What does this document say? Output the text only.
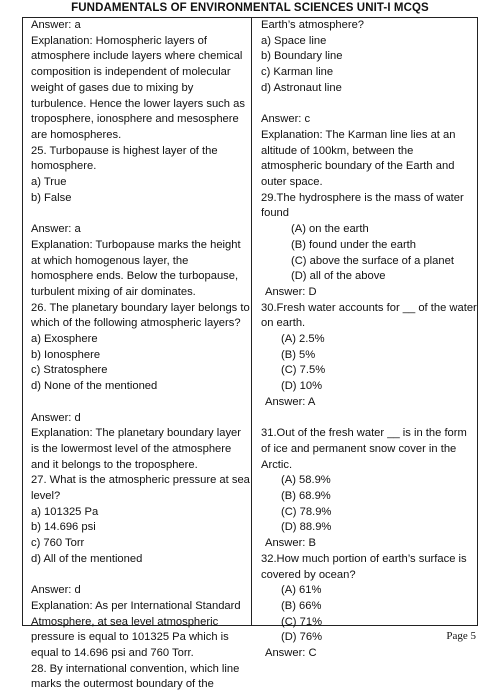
FUNDAMENTALS OF ENVIRONMENTAL SCIENCES UNIT-I MCQS
Answer: a
Explanation: Homospheric layers of
atmosphere include layers where chemical
composition is independent of molecular
weight of gases due to mixing by
turbulence. Hence the lower layers such as
troposphere, ionosphere and mesosphere
are homospheres.
25. Turbopause is highest layer of the
homosphere.
a) True
b) False
Answer: a
Explanation: Turbopause marks the height
at which homogenous layer, the
homosphere ends. Below the turbopause,
turbulent mixing of air dominates.
26. The planetary boundary layer belongs to
which of the following atmospheric layers?
a) Exosphere
b) Ionosphere
c) Stratosphere
d) None of the mentioned
Answer: d
Explanation: The planetary boundary layer
is the lowermost level of the atmosphere
and it belongs to the troposphere.
27. What is the atmospheric pressure at sea
level?
a) 101325 Pa
b) 14.696 psi
c) 760 Torr
d) All of the mentioned
Answer: d
Explanation: As per International Standard
Atmosphere, at sea level atmospheric
pressure is equal to 101325 Pa which is
equal to 14.696 psi and 760 Torr.
28. By international convention, which line
marks the outermost boundary of the
Earth’s atmosphere?
a) Space line
b) Boundary line
c) Karman line
d) Astronaut line
Answer: c
Explanation: The Karman line lies at an
altitude of 100km, between the
atmospheric boundary of the Earth and
outer space.
29.The hydrosphere is the mass of water
found
(A) on the earth
(B) found under the earth
(C) above the surface of a planet
(D) all of the above
Answer: D
30.Fresh water accounts for __ of the water
on earth.
(A) 2.5%
(B) 5%
(C) 7.5%
(D) 10%
Answer: A
31.Out of the fresh water __ is in the form
of ice and permanent snow cover in the
Arctic.
(A) 58.9%
(B) 68.9%
(C) 78.9%
(D) 88.9%
Answer: B
32.How much portion of earth’s surface is
covered by ocean?
(A) 61%
(B) 66%
(C) 71%
(D) 76%
Answer: C
Page 5
